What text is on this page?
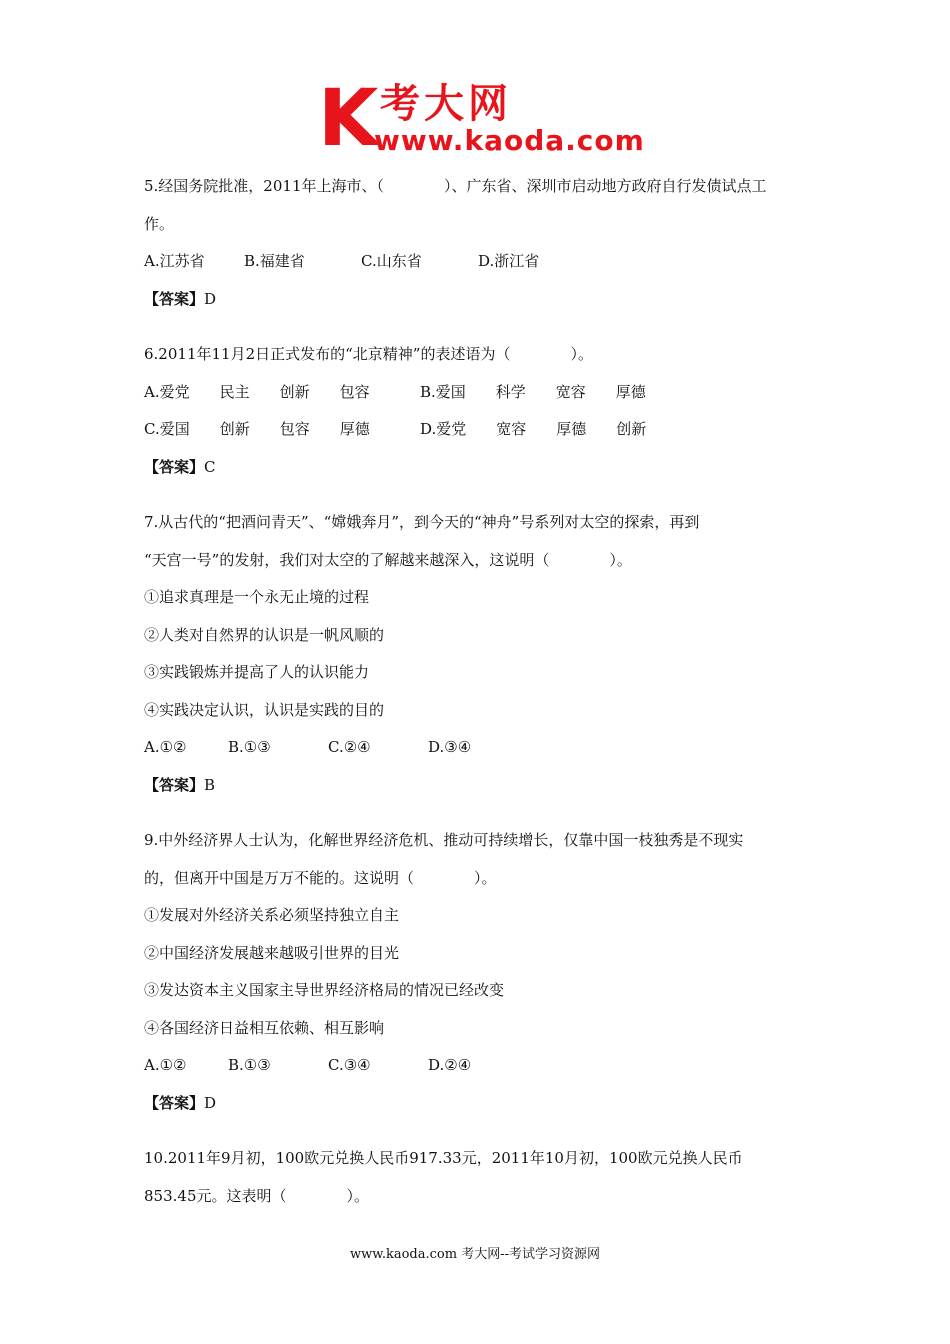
K 考大网
www.kaoda.com

5.经国务院批准，2011年上海市、（　　　　）、广东省、深圳市启动地方政府自行发债试点工

作。

A.江苏省	B.福建省	C.山东省	D.浙江省

【答案】D

6.2011年11月2日正式发布的“北京精神”的表述语为（　　　　）。

A.爱党　　民主　　创新　　包容	B.爱国　　科学　　宽容　　厚德

C.爱国　　创新　　包容　　厚德	D.爱党　　宽容　　厚德　　创新

【答案】C

7.从古代的“把酒问青天”、“嫦娥奔月”，到今天的“神舟”号系列对太空的探索，再到

“天宫一号”的发射，我们对太空的了解越来越深入，这说明（　　　　）。

①追求真理是一个永无止境的过程

②人类对自然界的认识是一帆风顺的

③实践锻炼并提高了人的认识能力

④实践决定认识，认识是实践的目的

A.①②	B.①③	C.②④	D.③④

【答案】B

9.中外经济界人士认为，化解世界经济危机、推动可持续增长，仅靠中国一枝独秀是不现实

的，但离开中国是万万不能的。这说明（　　　　）。

①发展对外经济关系必须坚持独立自主

②中国经济发展越来越吸引世界的目光

③发达资本主义国家主导世界经济格局的情况已经改变

④各国经济日益相互依赖、相互影响

A.①②	B.①③	C.③④	D.②④

【答案】D

10.2011年9月初，100欧元兑换人民币917.33元，2011年10月初，100欧元兑换人民币

853.45元。这表明（　　　　）。

www.kaoda.com 考大网--考试学习资源网
